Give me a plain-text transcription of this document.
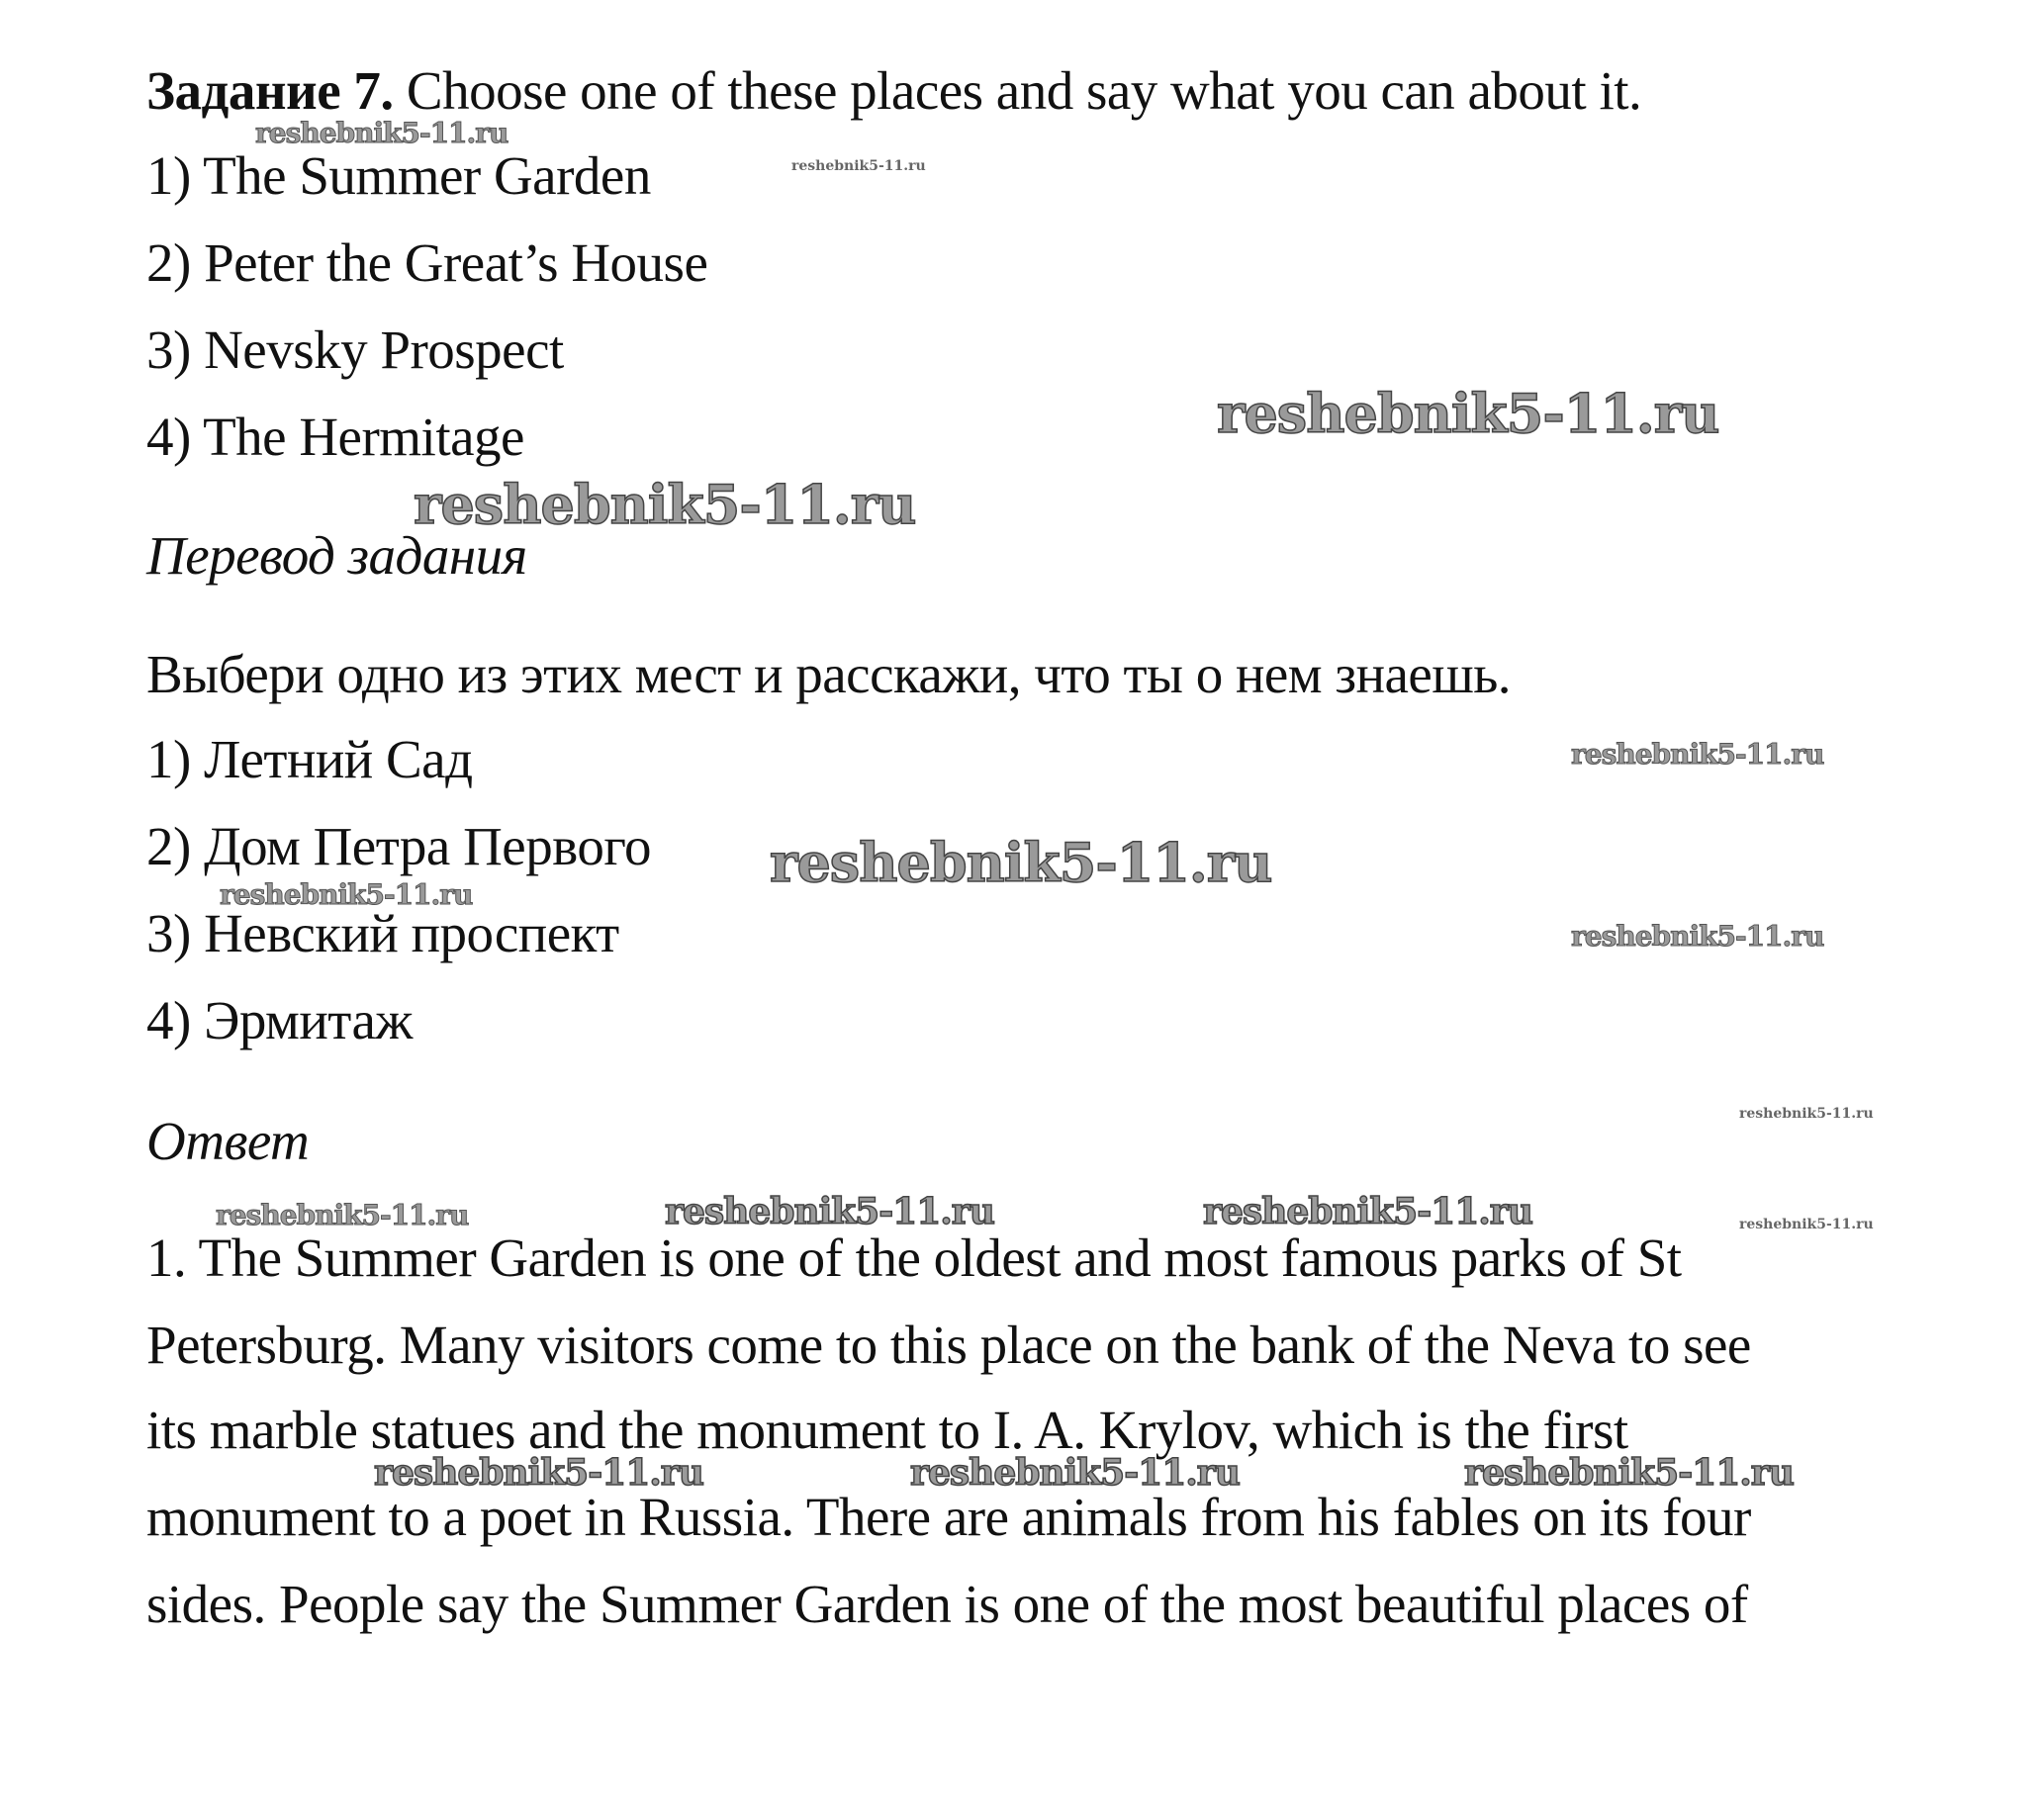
Задание 7. Choose one of these places and say what you can about it.
1) The Summer Garden
2) Peter the Great’s House
3) Nevsky Prospect
4) The Hermitage
Перевод задания
Выбери одно из этих мест и расскажи, что ты о нем знаешь.
1) Летний Сад
2) Дом Петра Первого
3) Невский проспект
4) Эрмитаж
Ответ
1. The Summer Garden is one of the oldest and most famous parks of St
Petersburg. Many visitors come to this place on the bank of the Neva to see
its marble statues and the monument to I. A. Krylov, which is the first
monument to a poet in Russia. There are animals from his fables on its four
sides. People say the Summer Garden is one of the most beautiful places of
reshebnik5-11.ru
reshebnik5-11.ru
reshebnik5-11.ru
reshebnik5-11.ru
reshebnik5-11.ru
reshebnik5-11.ru
reshebnik5-11.ru
reshebnik5-11.ru
reshebnik5-11.ru
reshebnik5-11.ru	reshebnik5-11.ru	reshebnik5-11.ru	reshebnik5-11.ru
reshebnik5-11.ru	reshebnik5-11.ru	reshebnik5-11.ru
